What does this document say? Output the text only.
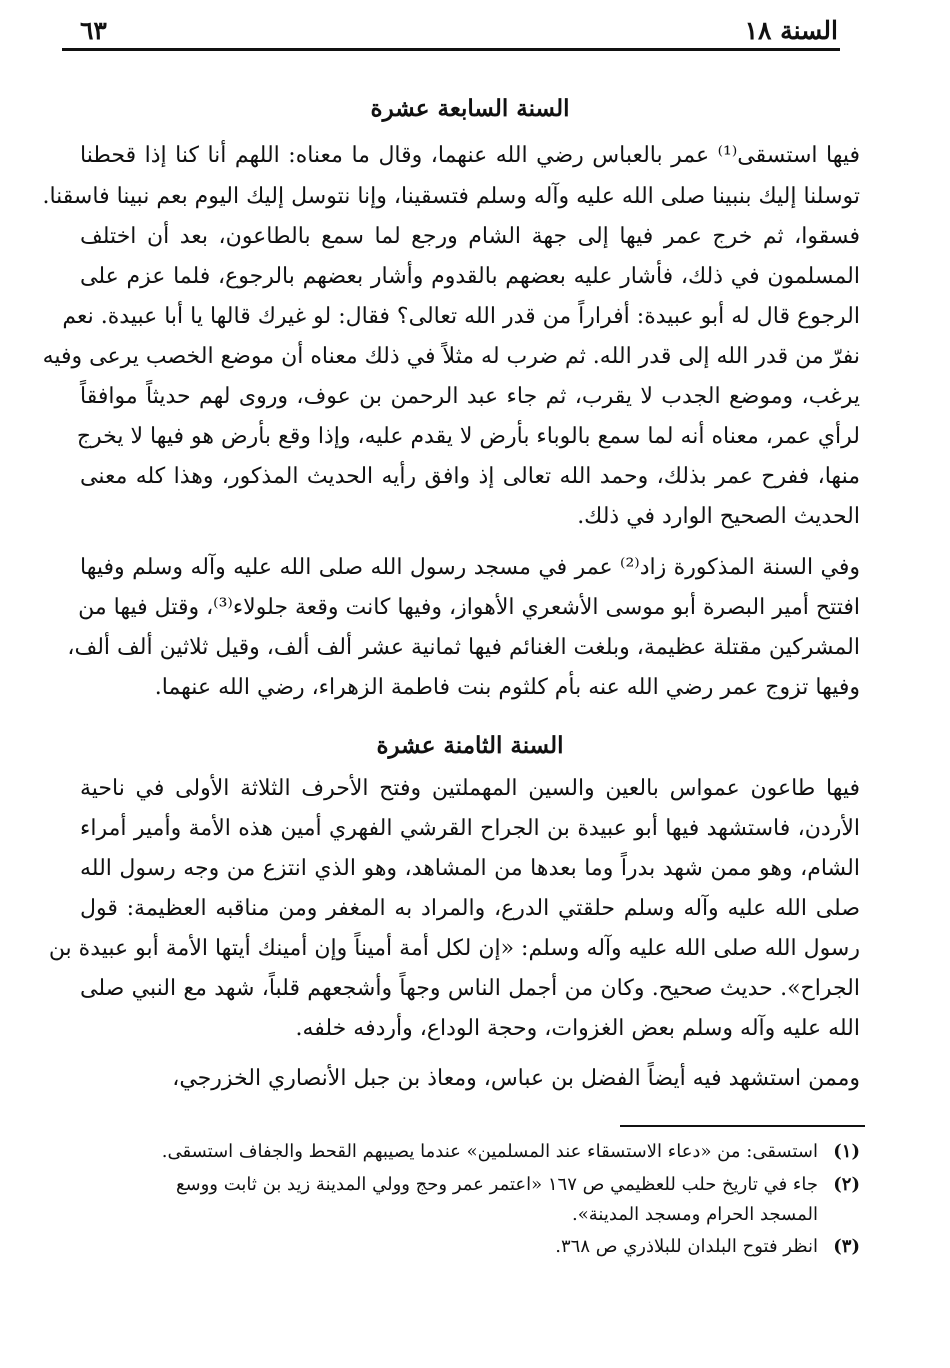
السنة ١٨
٦٣
السنة السابعة عشرة
فيها استسقى⁽¹⁾ عمر بالعباس رضي الله عنهما، وقال ما معناه: اللهم أنا كنا إذا قحطنا
توسلنا إليك بنبينا صلى الله عليه وآله وسلم فتسقينا، وإنا نتوسل إليك اليوم بعم نبينا فاسقنا.
فسقوا، ثم خرج عمر فيها إلى جهة الشام ورجع لما سمع بالطاعون، بعد أن اختلف
المسلمون في ذلك، فأشار عليه بعضهم بالقدوم وأشار بعضهم بالرجوع، فلما عزم على
الرجوع قال له أبو عبيدة: أفراراً من قدر الله تعالى؟ فقال: لو غيرك قالها يا أبا عبيدة. نعم
نفرّ من قدر الله إلى قدر الله. ثم ضرب له مثلاً في ذلك معناه أن موضع الخصب يرعى وفيه
يرغب، وموضع الجدب لا يقرب، ثم جاء عبد الرحمن بن عوف، وروى لهم حديثاً موافقاً
لرأي عمر، معناه أنه لما سمع بالوباء بأرض لا يقدم عليه، وإذا وقع بأرض هو فيها لا يخرج
منها، ففرح عمر بذلك، وحمد الله تعالى إذ وافق رأيه الحديث المذكور، وهذا كله معنى
الحديث الصحيح الوارد في ذلك.
وفي السنة المذكورة زاد⁽²⁾ عمر في مسجد رسول الله صلى الله عليه وآله وسلم وفيها
افتتح أمير البصرة أبو موسى الأشعري الأهواز، وفيها كانت وقعة جلولاء⁽³⁾، وقتل فيها من
المشركين مقتلة عظيمة، وبلغت الغنائم فيها ثمانية عشر ألف ألف، وقيل ثلاثين ألف ألف،
وفيها تزوج عمر رضي الله عنه بأم كلثوم بنت فاطمة الزهراء، رضي الله عنهما.
السنة الثامنة عشرة
فيها طاعون عمواس بالعين والسين المهملتين وفتح الأحرف الثلاثة الأولى في ناحية
الأردن، فاستشهد فيها أبو عبيدة بن الجراح القرشي الفهري أمين هذه الأمة وأمير أمراء
الشام، وهو ممن شهد بدراً وما بعدها من المشاهد، وهو الذي انتزع من وجه رسول الله
صلى الله عليه وآله وسلم حلقتي الدرع، والمراد به المغفر ومن مناقبه العظيمة: قول
رسول الله صلى الله عليه وآله وسلم: «إن لكل أمة أميناً وإن أمينك أيتها الأمة أبو عبيدة بن
الجراح». حديث صحيح. وكان من أجمل الناس وجهاً وأشجعهم قلباً، شهد مع النبي صلى
الله عليه وآله وسلم بعض الغزوات، وحجة الوداع، وأردفه خلفه.
وممن استشهد فيه أيضاً الفضل بن عباس، ومعاذ بن جبل الأنصاري الخزرجي،
(١)استسقى: من «دعاء الاستسقاء عند المسلمين» عندما يصيبهم القحط والجفاف استسقى.
(٢)جاء في تاريخ حلب للعظيمي ص ١٦٧ «اعتمر عمر وحج وولي المدينة زيد بن ثابت ووسع
المسجد الحرام ومسجد المدينة».
(٣)انظر فتوح البلدان للبلاذري ص ٣٦٨.
